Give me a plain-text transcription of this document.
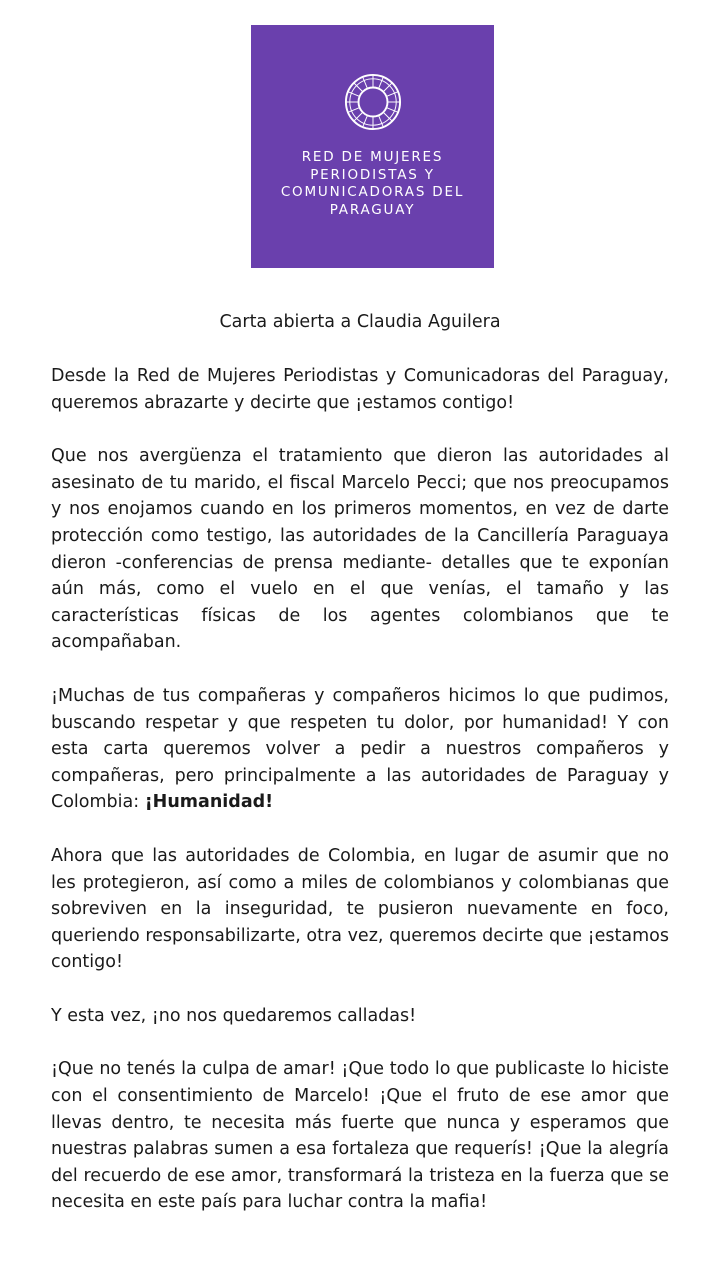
RED DE MUJERES
PERIODISTAS Y
COMUNICADORAS DEL
PARAGUAY
Carta abierta a Claudia Aguilera

Desde la Red de Mujeres Periodistas y Comunicadoras del Paraguay, queremos abrazarte y decirte que ¡estamos contigo!

Que nos avergüenza el tratamiento que dieron las autoridades al asesinato de tu marido, el fiscal Marcelo Pecci; que nos preocupamos y nos enojamos cuando en los primeros momentos, en vez de darte protección como testigo, las autoridades de la Cancillería Paraguaya dieron -conferencias de prensa mediante- detalles que te exponían aún más, como el vuelo en el que venías, el tamaño y las características físicas de los agentes colombianos que te acompañaban.

¡Muchas de tus compañeras y compañeros hicimos lo que pudimos, buscando respetar y que respeten tu dolor, por humanidad! Y con esta carta queremos volver a pedir a nuestros compañeros y compañeras, pero principalmente a las autoridades de Paraguay y Colombia: ¡Humanidad!

Ahora que las autoridades de Colombia, en lugar de asumir que no les protegieron, así como a miles de colombianos y colombianas que sobreviven en la inseguridad, te pusieron nuevamente en foco, queriendo responsabilizarte, otra vez, queremos decirte que ¡estamos contigo!

Y esta vez, ¡no nos quedaremos calladas!

¡Que no tenés la culpa de amar! ¡Que todo lo que publicaste lo hiciste con el consentimiento de Marcelo! ¡Que el fruto de ese amor que llevas dentro, te necesita más fuerte que nunca y esperamos que nuestras palabras sumen a esa fortaleza que requerís! ¡Que la alegría del recuerdo de ese amor, transformará la tristeza en la fuerza que se necesita en este país para luchar contra la mafia!
